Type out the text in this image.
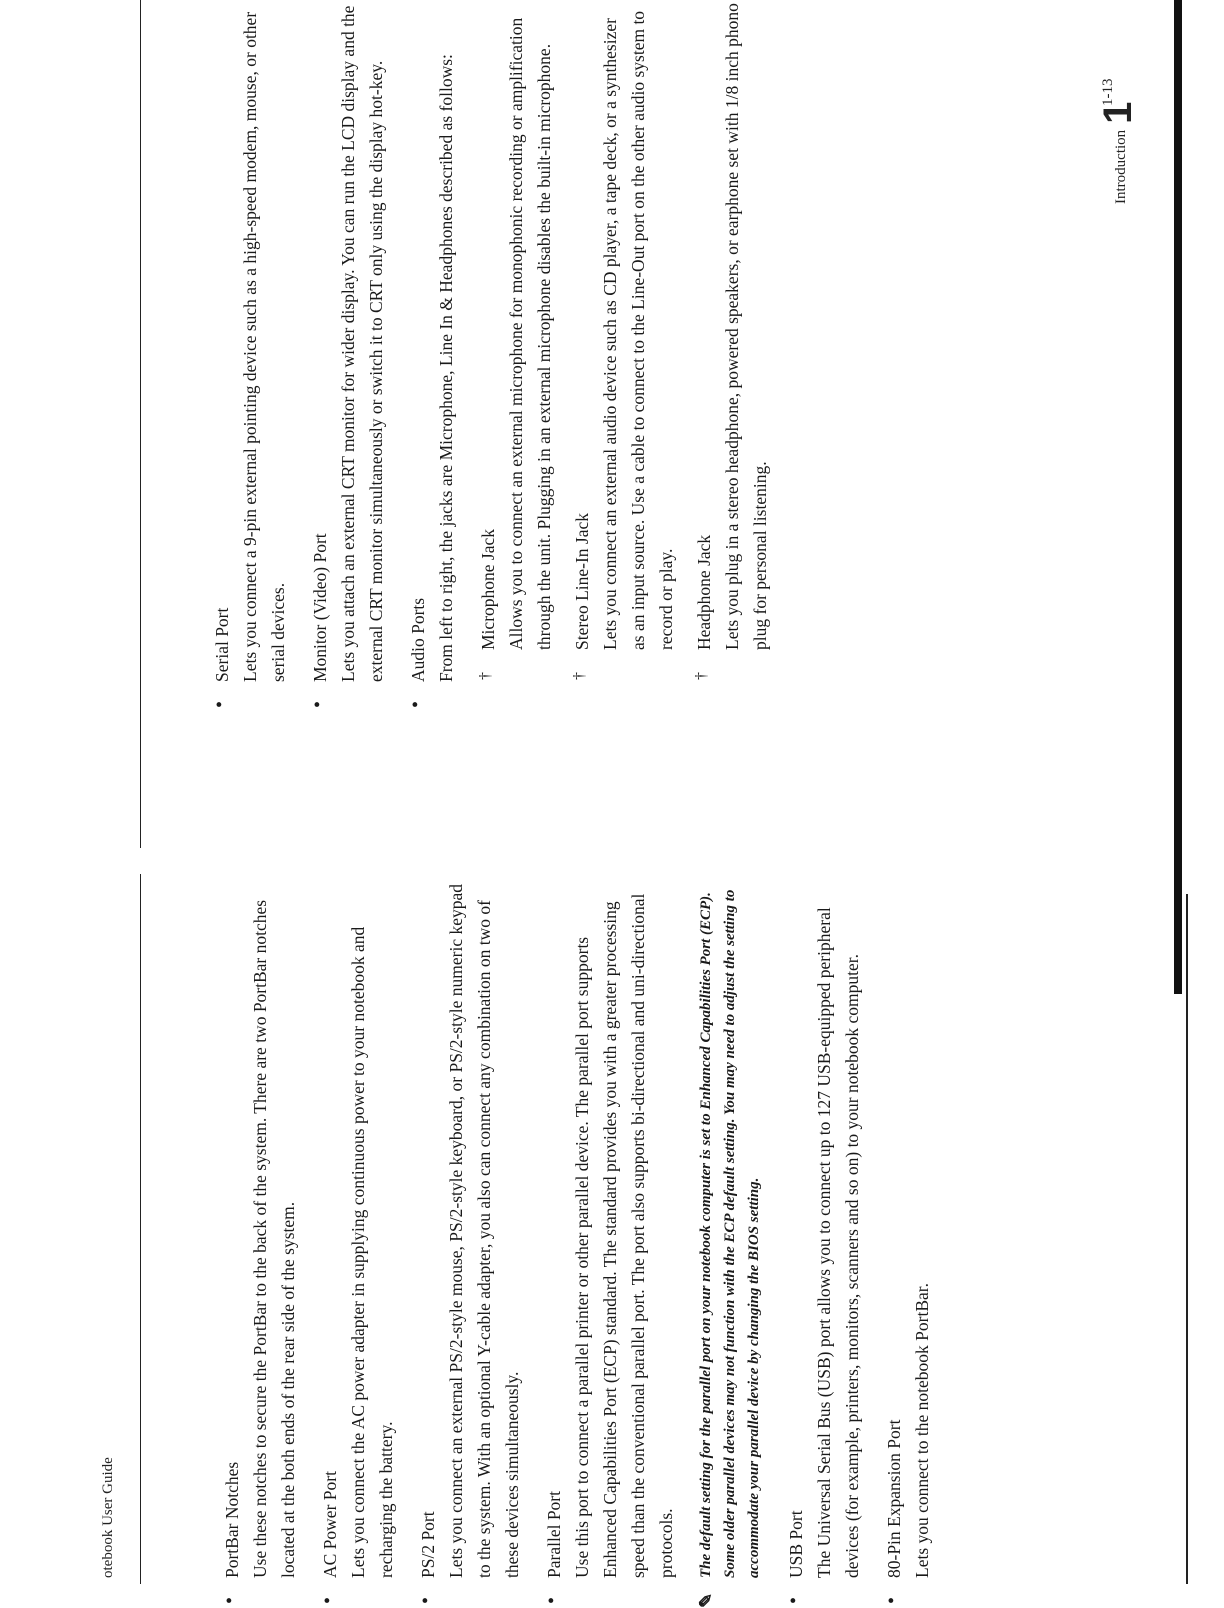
otebook User Guide
Introduction1
1-13
•
PortBar Notches Use these notches to secure the PortBar to the back of the system. There are two PortBar notches located at the both ends of the rear side of the system.
•
AC Power Port Lets you connect the AC power adapter in supplying continuous power to your notebook and recharging the battery.
•
PS/2 Port Lets you connect an external PS/2-style mouse, PS/2-style keyboard, or PS/2-style numeric keypad to the system. With an optional Y-cable adapter, you also can connect any combination on two of these devices simultaneously.
•
Parallel Port Use this port to connect a parallel printer or other parallel device. The parallel port supports Enhanced Capabilities Port (ECP) standard. The standard provides you with a greater processing speed than the conventional parallel port. The port also supports bi-directional and uni-directional protocols.
✎
The default setting for the parallel port on your notebook computer is set to Enhanced Capabilities Port (ECP). Some older parallel devices may not function with the ECP default setting. You may need to adjust the setting to accommodate your parallel device by changing the BIOS setting.
•
USB Port The Universal Serial Bus (USB) port allows you to connect up to 127 USB-equipped peripheral devices (for example, printers, monitors, scanners and so on) to your notebook computer.
•
80-Pin Expansion Port Lets you connect to the notebook PortBar.
•
Serial Port Lets you connect a 9-pin external pointing device such as a high-speed modem, mouse, or other serial devices.
•
Monitor (Video) Port Lets you attach an external CRT monitor for wider display. You can run the LCD display and the external CRT monitor simultaneously or switch it to CRT only using the display hot-key.
•
Audio Ports From left to right, the jacks are Microphone, Line In & Headphones described as follows: †
Microphone Jack Allows you to connect an external microphone for monophonic recording or amplification through the unit. Plugging in an external microphone disables the built-in microphone.
†
Stereo Line-In Jack Lets you connect an external audio device such as CD player, a tape deck, or a synthesizer as an input source. Use a cable to connect to the Line-Out port on the other audio system to record or play.
†
Headphone Jack Lets you plug in a stereo headphone, powered speakers, or earphone set with 1/8 inch phono plug for personal listening.
